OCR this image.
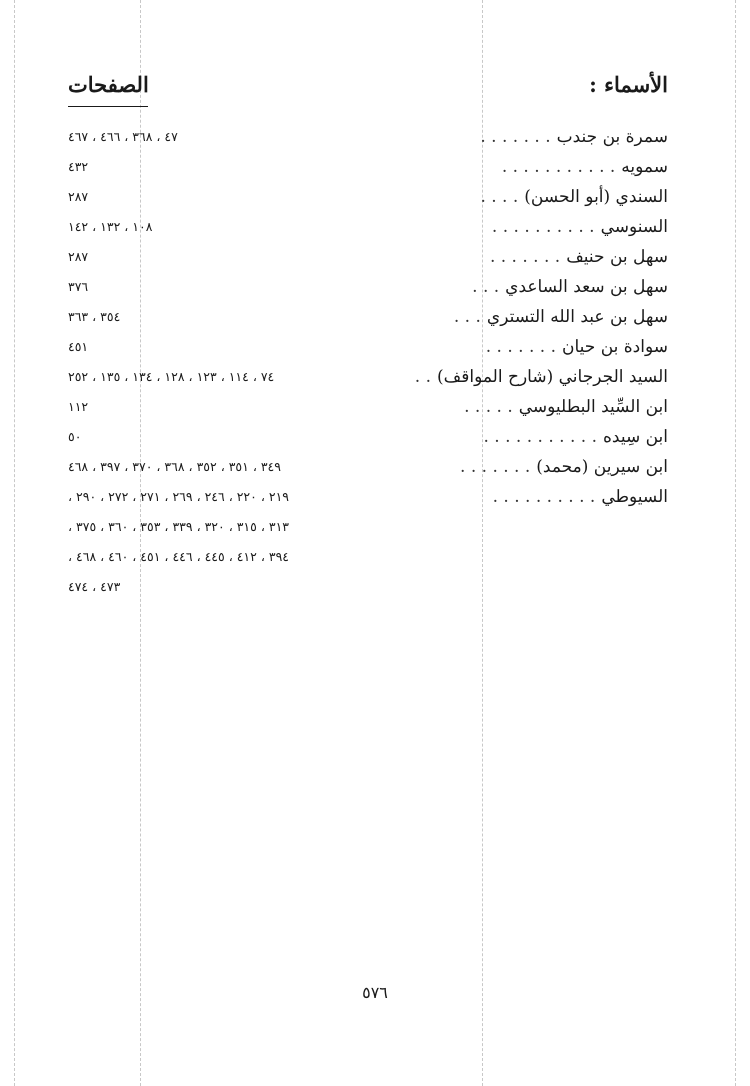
الصفحات	الأسماء :
سمرة بن جندب. . . . . . .
٤٧ ، ٣٦٨ ، ٤٦٦ ، ٤٦٧
سمويه. . . . . . . . . . .
٤٣٢
السندي (أبو الحسن). . . .
٢٨٧
السنوسي. . . . . . . . . .
١٠٨ ، ١٣٢ ، ١٤٢
سهل بن حنيف. . . . . . .
٢٨٧
سهل بن سعد الساعدي. . .
٣٧٦
سهل بن عبد الله التستري. . .
٣٥٤ ، ٣٦٣
سوادة بن حيان. . . . . . .
٤٥١
السيد الجرجاني (شارح المواقف). .
٧٤ ، ١١٤ ، ١٢٣ ، ١٢٨ ، ١٣٤ ، ١٣٥ ، ٢٥٢
ابن السِّيد البطليوسي. . . . .
١١٢
ابن سِيده. . . . . . . . . . .
٥٠
ابن سيرين (محمد). . . . . . .
٣٤٩ ، ٣٥١ ، ٣٥٢ ، ٣٦٨ ، ٣٧٠ ، ٣٩٧ ، ٤٦٨
السيوطي. . . . . . . . . .
٢١٩ ، ٢٢٠ ، ٢٤٦ ، ٢٦٩ ، ٢٧١ ، ٢٧٢ ، ٢٩٠ ،
٣١٣ ، ٣١٥ ، ٣٢٠ ، ٣٣٩ ، ٣٥٣ ، ٣٦٠ ، ٣٧٥ ،
٣٩٤ ، ٤١٢ ، ٤٤٥ ، ٤٤٦ ، ٤٥١ ، ٤٦٠ ، ٤٦٨ ،
٤٧٣ ، ٤٧٤
٥٧٦
